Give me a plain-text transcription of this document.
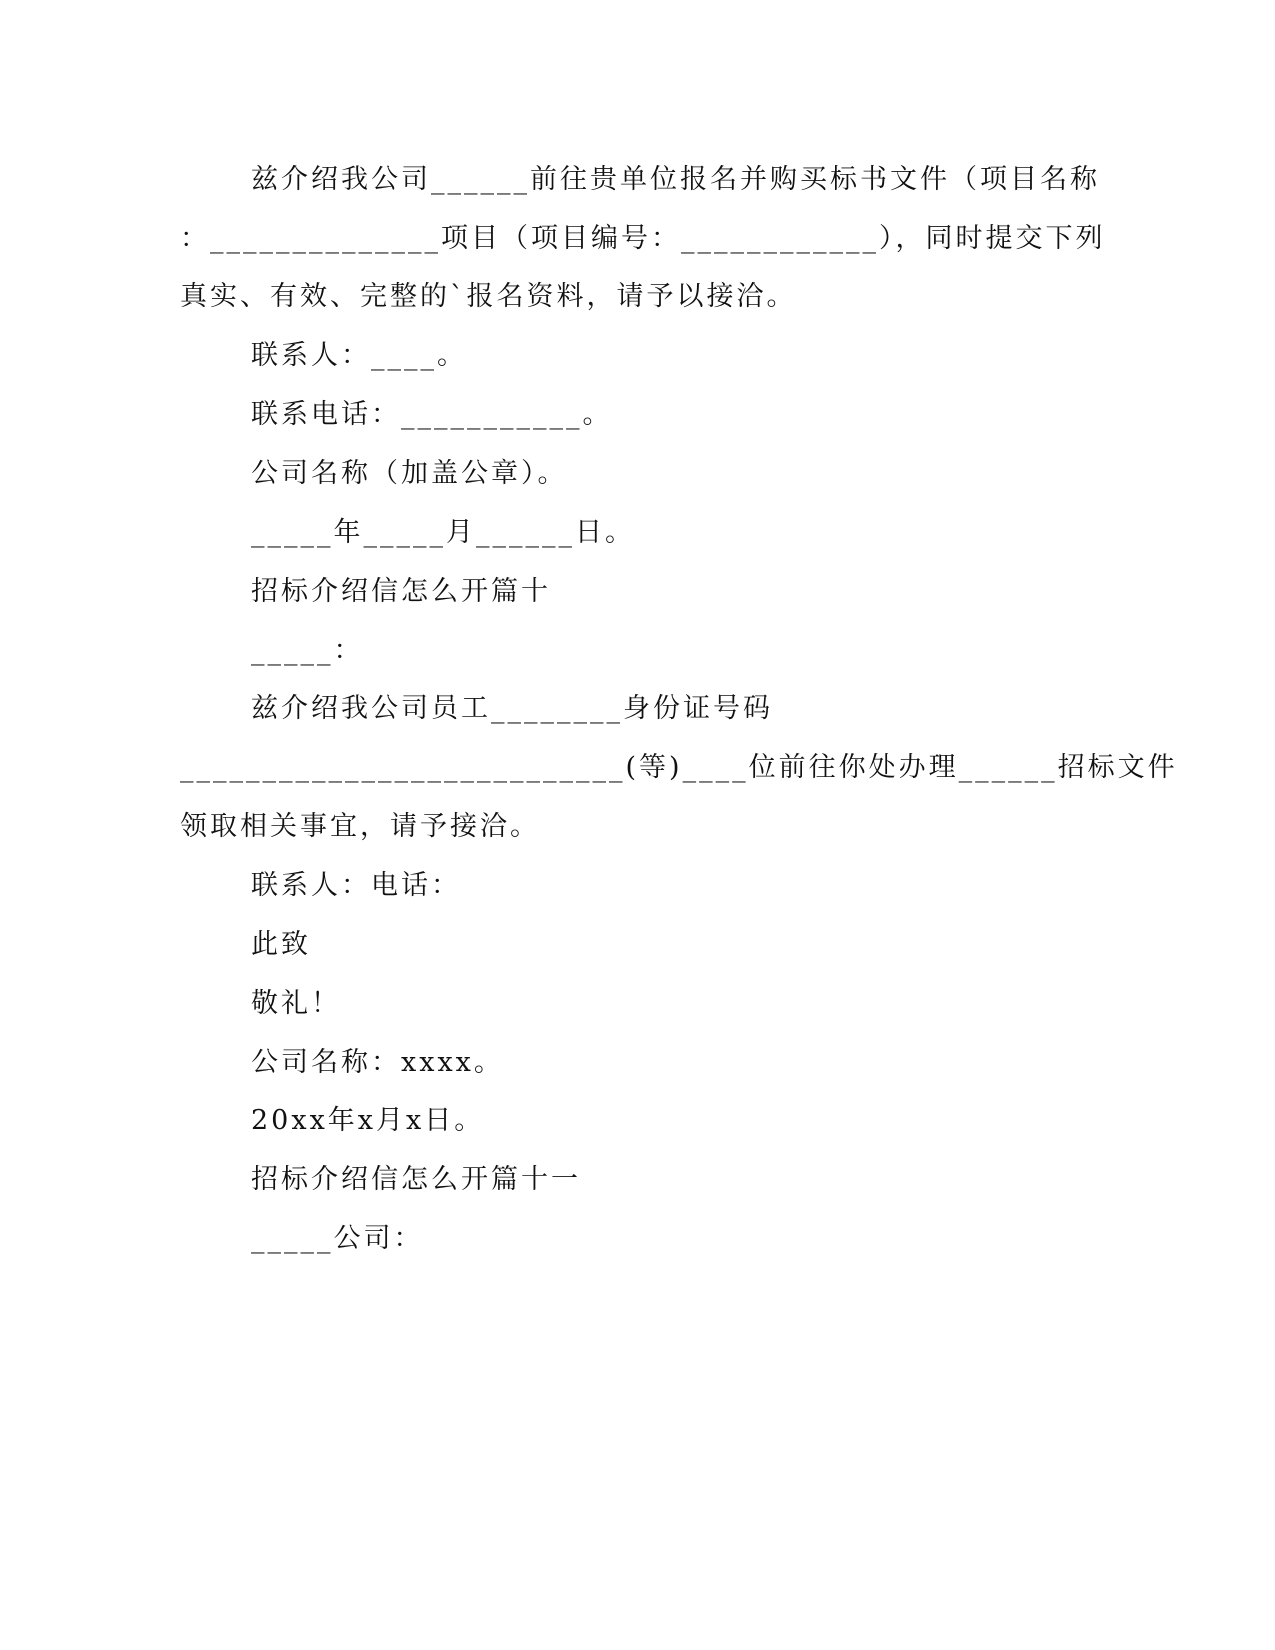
兹介绍我公司______前往贵单位报名并购买标书文件（项目名称
：______________项目（项目编号：____________），同时提交下列
真实、有效、完整的`报名资料，请予以接洽。
联系人：____。
联系电话：___________。
公司名称（加盖公章）。
_____年_____月______日。
招标介绍信怎么开篇十
_____：
兹介绍我公司员工________身份证号码
___________________________(等)____位前往你处办理______招标文件
领取相关事宜，请予接洽。
联系人：电话：
此致
敬礼！
公司名称：xxxx。
20xx年x月x日。
招标介绍信怎么开篇十一
_____公司：
